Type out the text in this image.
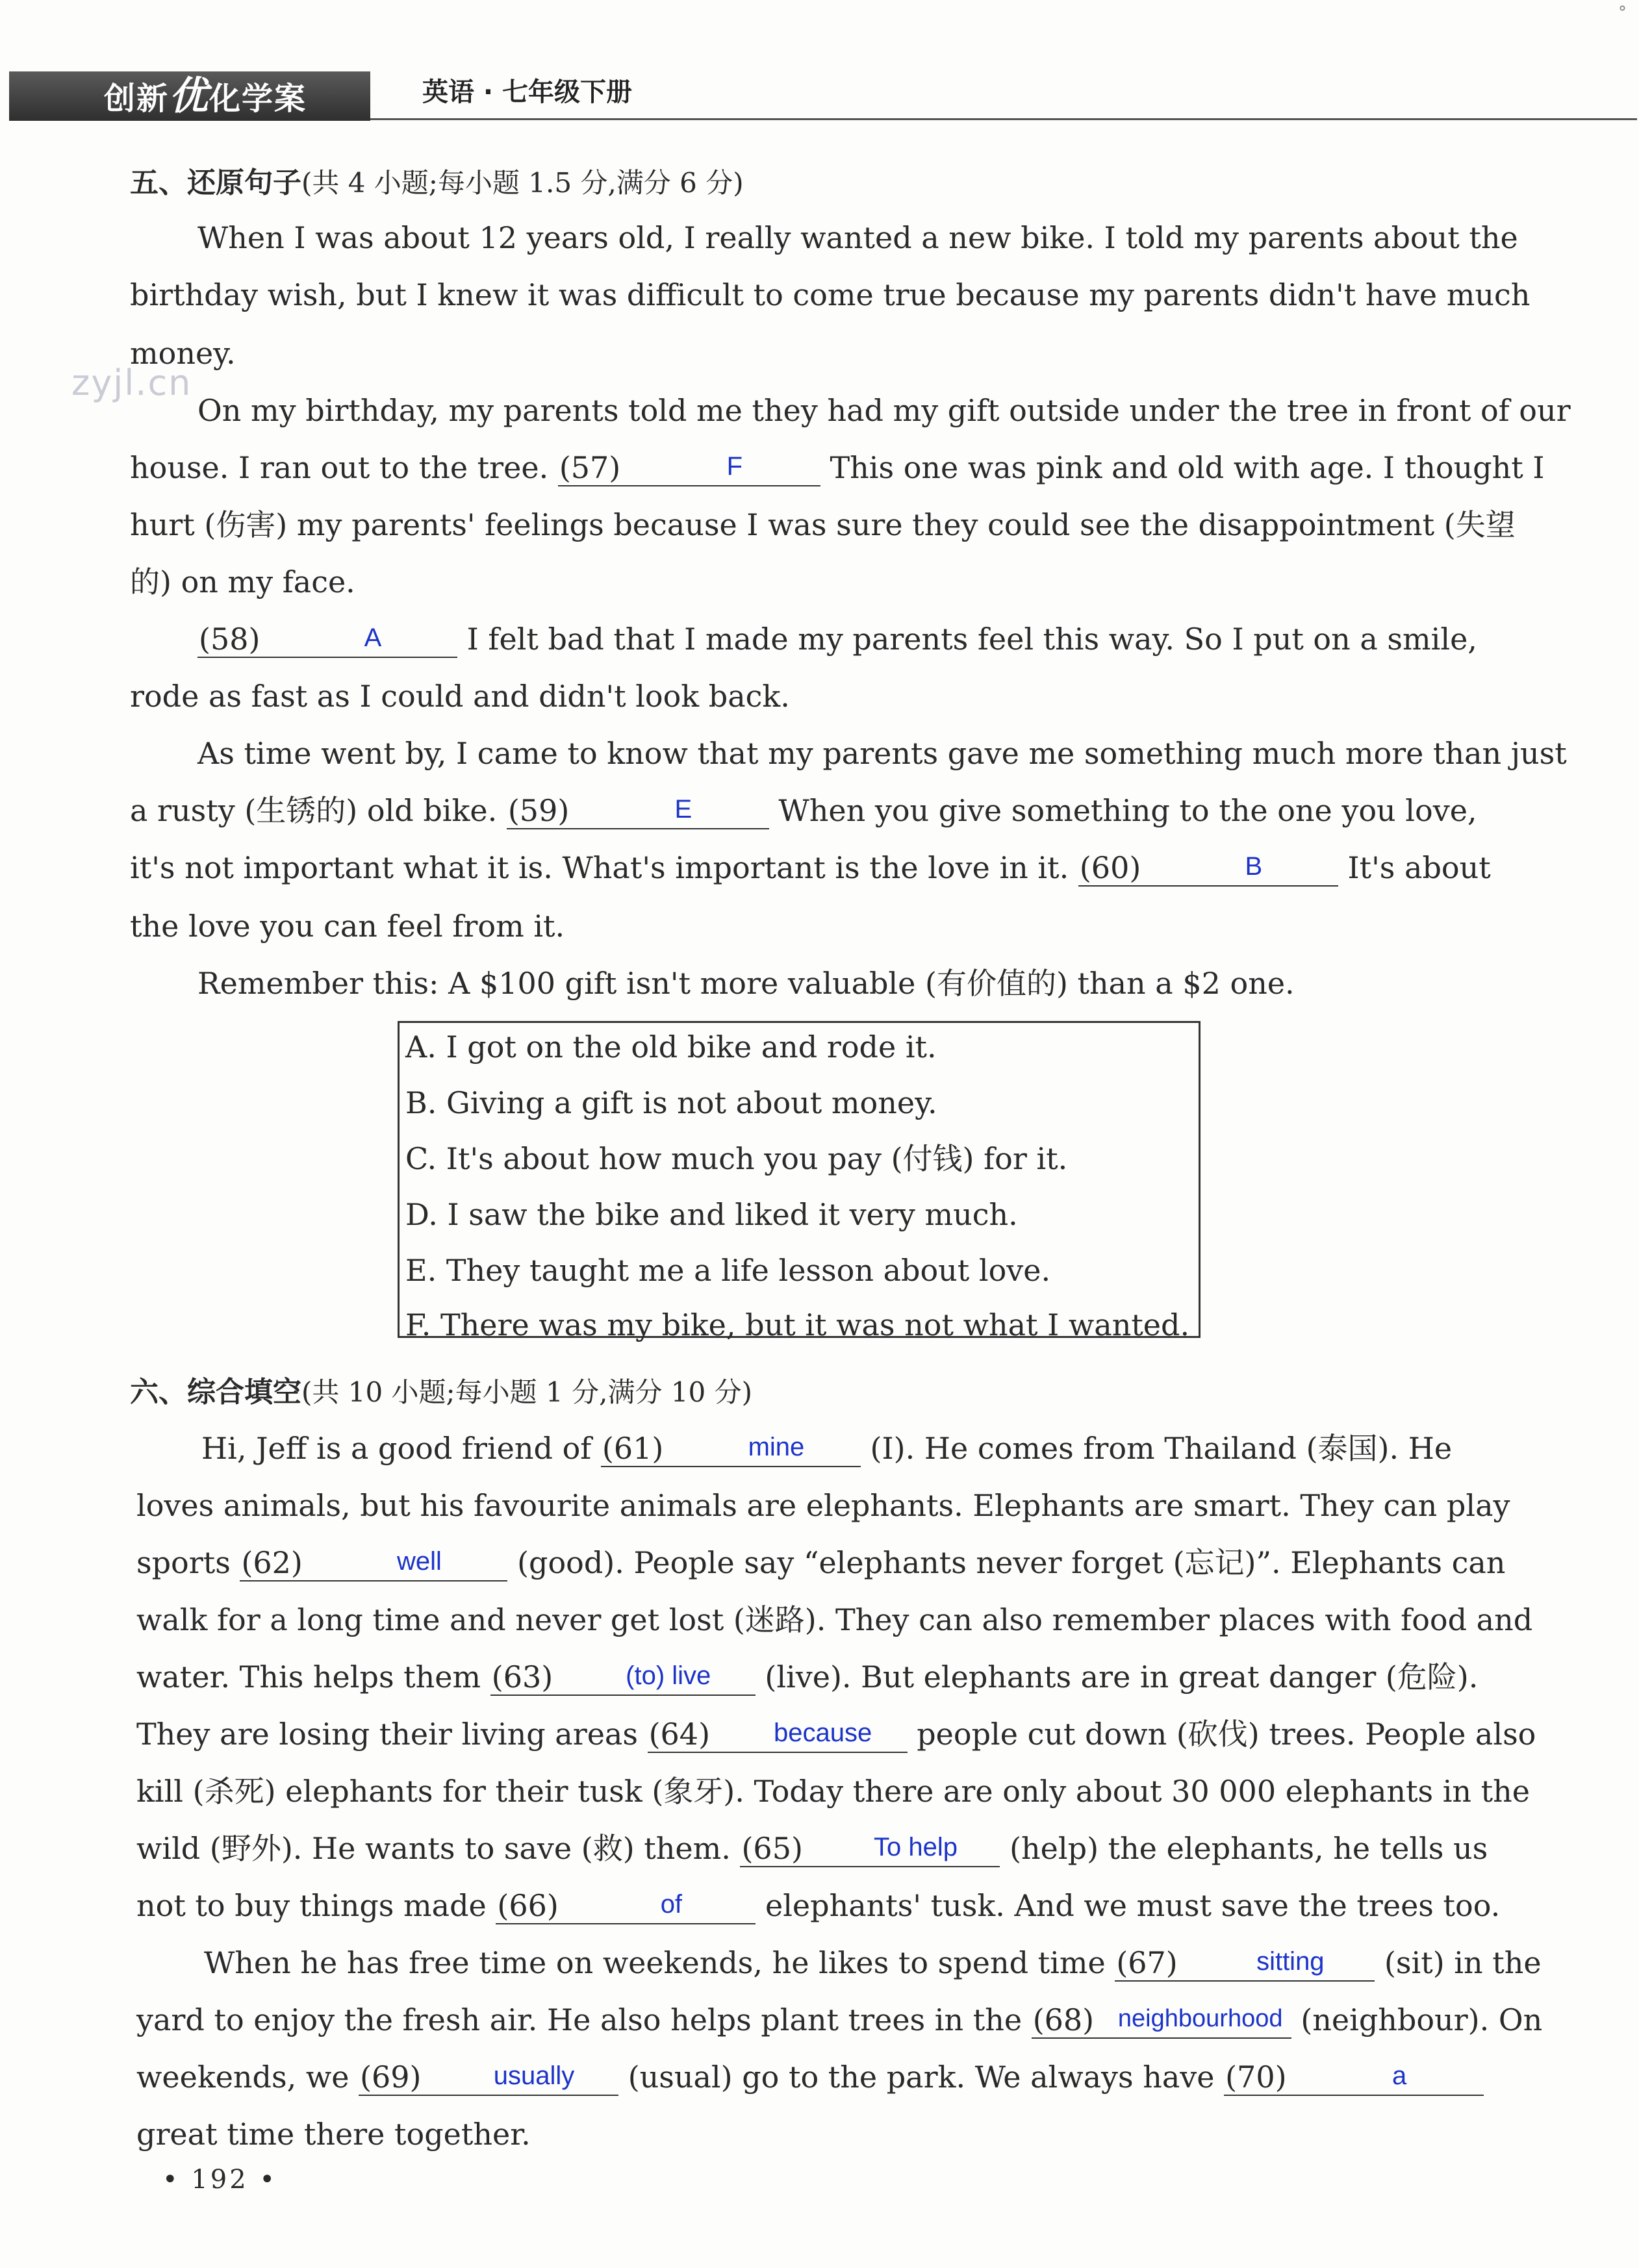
创新优化学案	英语 · 七年级下册
zyjl.cn
五、还原句子(共 4 小题;每小题 1.5 分,满分 6 分)
When I was about 12 years old, I really wanted a new bike. I told my parents about the
birthday wish, but I knew it was difficult to come true because my parents didn't have much
money.
On my birthday, my parents told me they had my gift outside under the tree in front of our
house. I ran out to the tree. (57)	F	This one was pink and old with age. I thought I
hurt (伤害) my parents' feelings because I was sure they could see the disappointment (失望
的) on my face.
(58)	A	I felt bad that I made my parents feel this way. So I put on a smile,
rode as fast as I could and didn't look back.
As time went by, I came to know that my parents gave me something much more than just
a rusty (生锈的) old bike. (59)	E	When you give something to the one you love,
it's not important what it is. What's important is the love in it. (60)	B	It's about
the love you can feel from it.
Remember this: A $100 gift isn't more valuable (有价值的) than a $2 one.
A. I got on the old bike and rode it.
B. Giving a gift is not about money.
C. It's about how much you pay (付钱) for it.
D. I saw the bike and liked it very much.
E. They taught me a life lesson about love.
F. There was my bike, but it was not what I wanted.
六、综合填空(共 10 小题;每小题 1 分,满分 10 分)
Hi, Jeff is a good friend of (61)	mine	(I). He comes from Thailand (泰国). He
loves animals, but his favourite animals are elephants. Elephants are smart. They can play
sports (62)	well	(good). People say “elephants never forget (忘记)”. Elephants can
walk for a long time and never get lost (迷路). They can also remember places with food and
water. This helps them (63)	(to) live	(live). But elephants are in great danger (危险).
They are losing their living areas (64)	because	people cut down (砍伐) trees. People also
kill (杀死) elephants for their tusk (象牙). Today there are only about 30 000 elephants in the
wild (野外). He wants to save (救) them. (65)	To help	(help) the elephants, he tells us
not to buy things made (66)	of	elephants' tusk. And we must save the trees too.
When he has free time on weekends, he likes to spend time (67)	sitting	(sit) in the
yard to enjoy the fresh air. He also helps plant trees in the (68) neighbourhood (neighbour). On
weekends, we (69)	usually	(usual) go to the park. We always have (70)	a
great time there together.
• 192 •
˚
